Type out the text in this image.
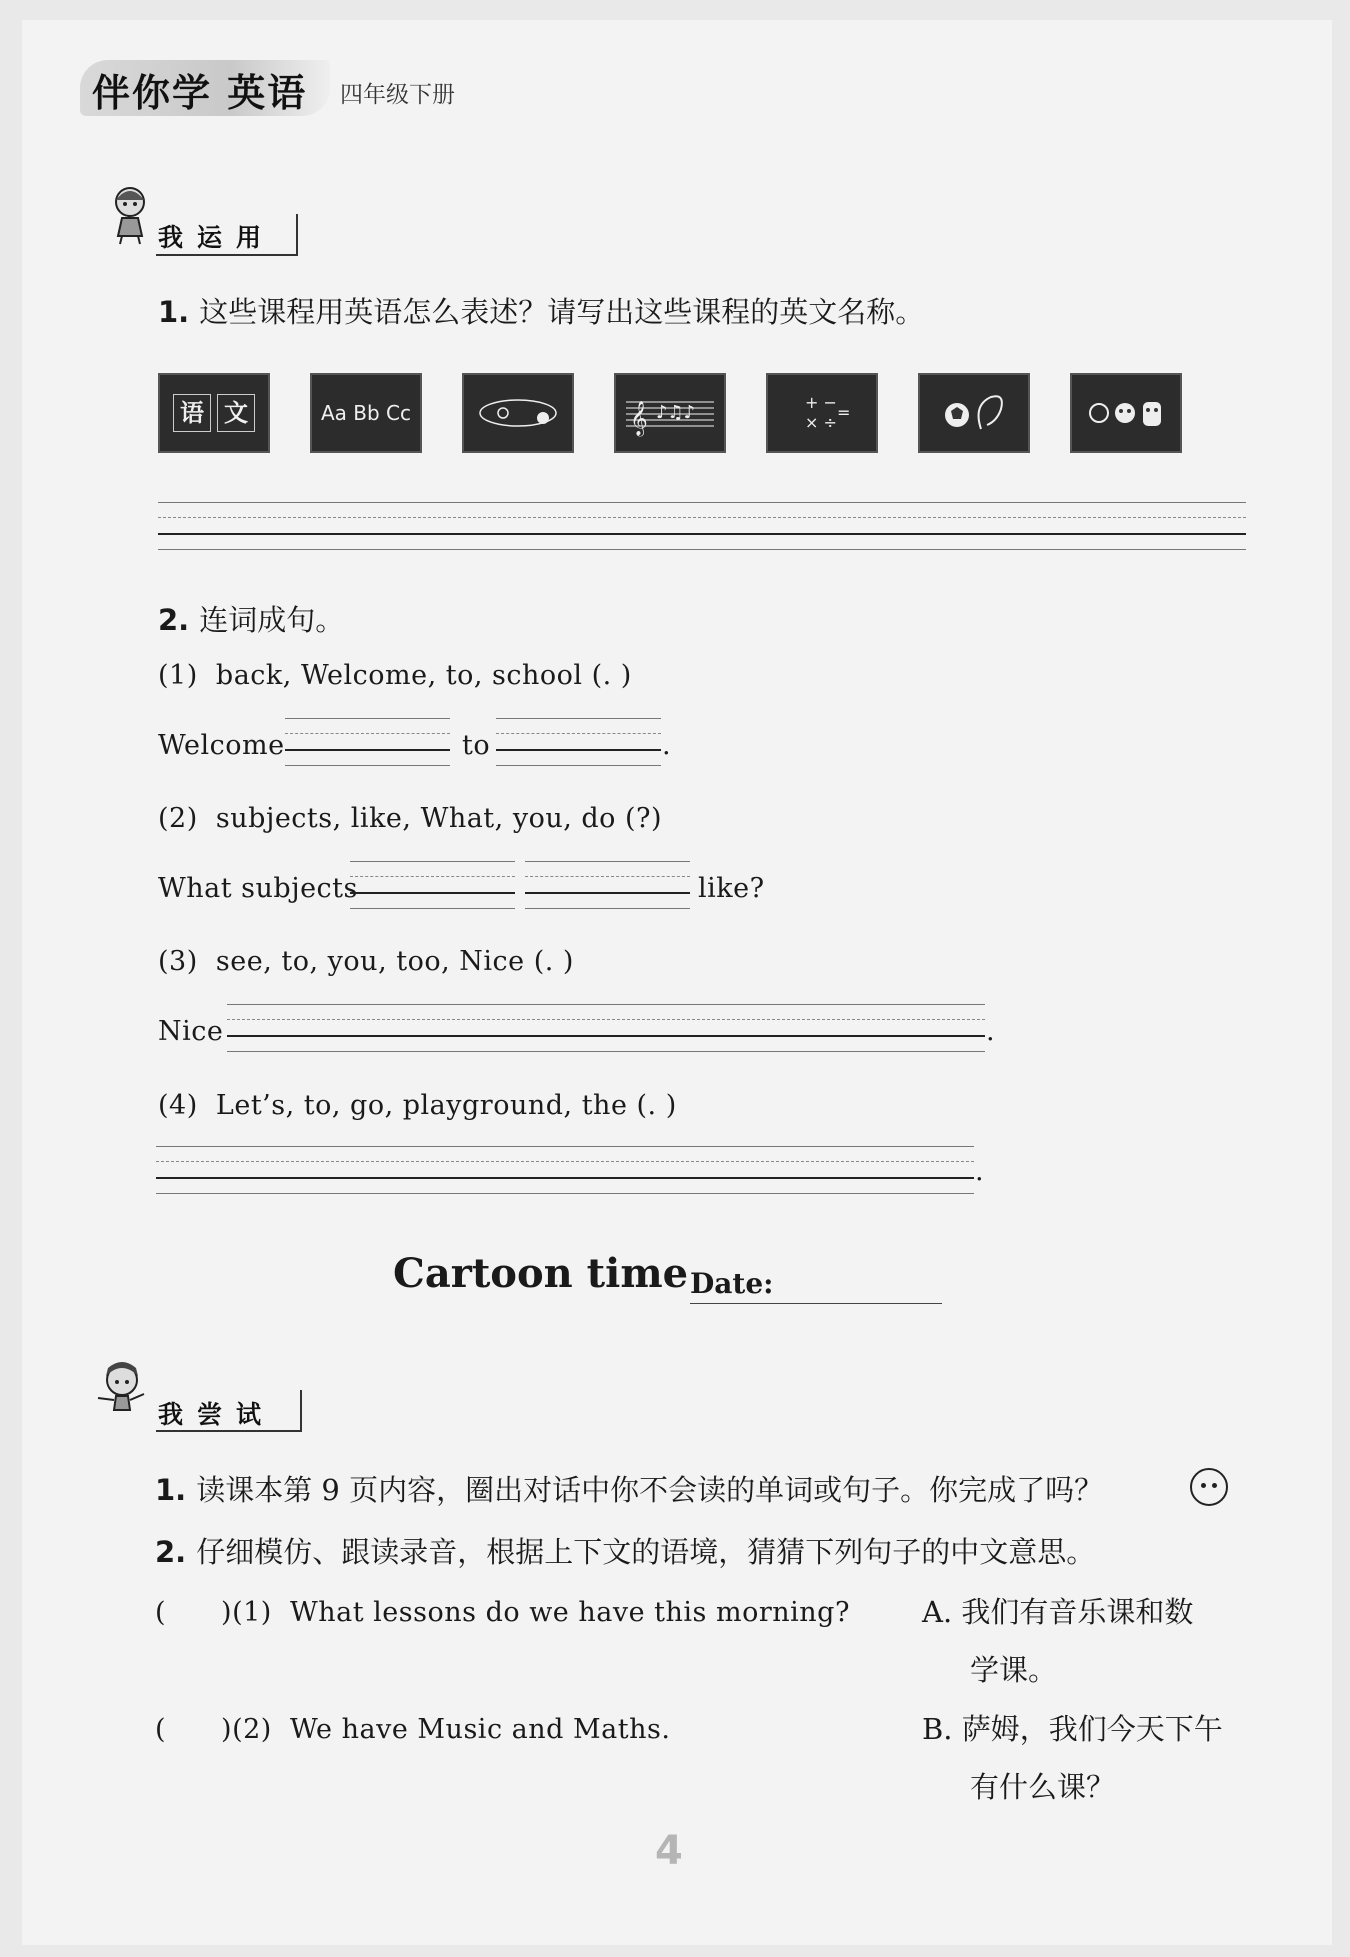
伴你学 英语 四年级下册
我运用
1. 这些课程用英语怎么表述？请写出这些课程的英文名称。
语 文	Aa Bb Cc	𝄞 ♪♫♪	+ −
× ÷
=
2. 连词成句。
(1) back, Welcome, to, school (. )
Welcome	to	.
(2) subjects, like, What, you, do (?)
What subjects	like?
(3) see, to, you, too, Nice (. )
Nice	.
(4) Let’s, to, go, playground, the (. )
.
Cartoon time Date:
我尝试
1. 读课本第 9 页内容，圈出对话中你不会读的单词或句子。你完成了吗？
2. 仔细模仿、跟读录音，根据上下文的语境，猜猜下列句子的中文意思。
(　　)(1) What lessons do we have this morning?
(　　)(2) We have Music and Maths.
A. 我们有音乐课和数
学课。
B. 萨姆，我们今天下午
有什么课？
4
